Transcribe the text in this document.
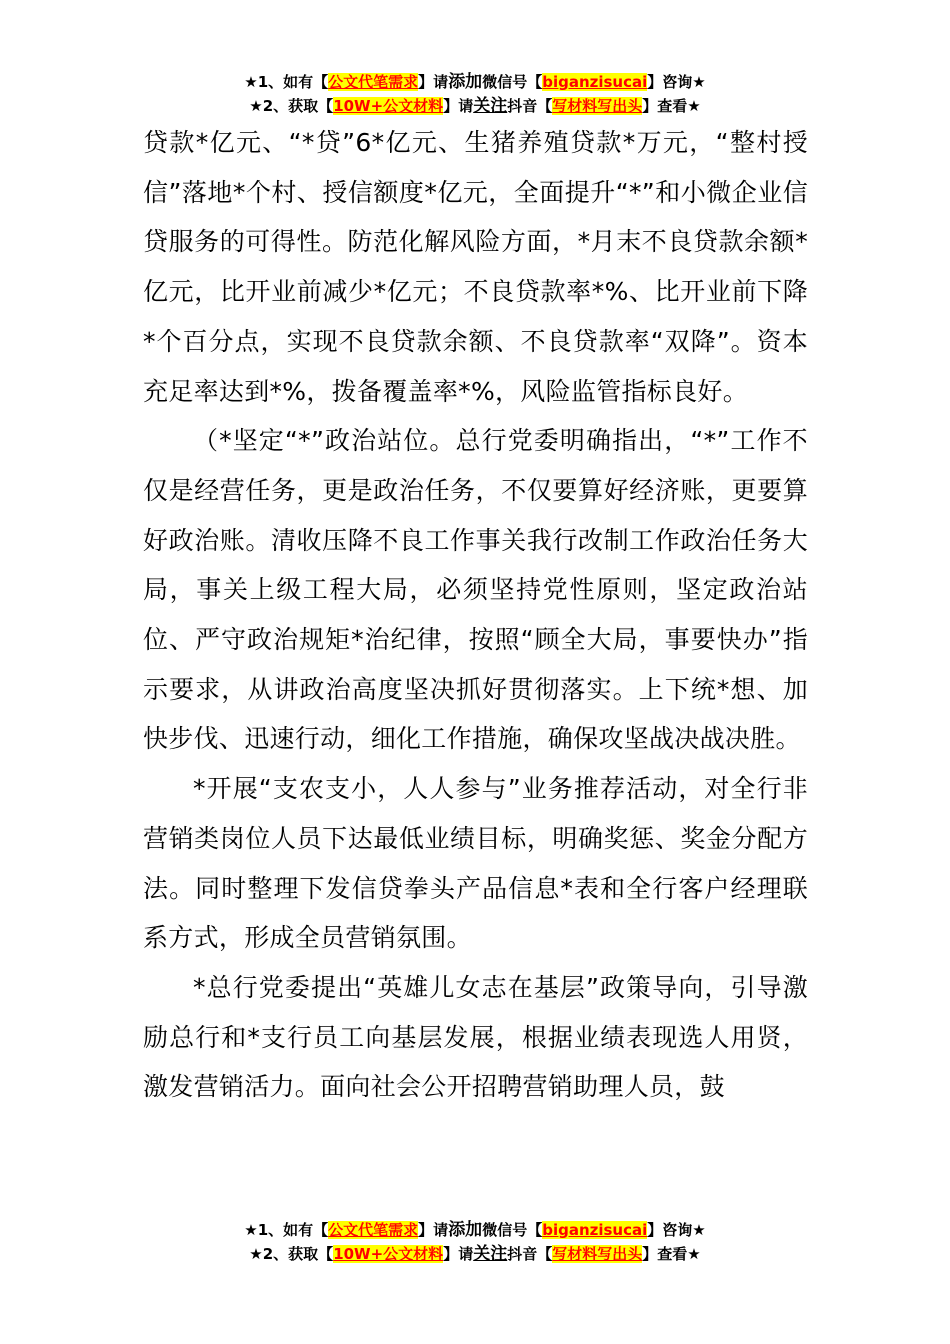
★1、如有【公文代笔需求】请添加微信号【biganzisucai】咨询★
★2、获取【10W+公文材料】请关注抖音【写材料写出头】查看★

贷款*亿元、“*贷”6*亿元、生猪养殖贷款*万元，“整村授信”落地*个村、授信额度*亿元，全面提升“*”和小微企业信贷服务的可得性。防范化解风险方面，*月末不良贷款余额*亿元，比开业前减少*亿元；不良贷款率*%、比开业前下降*个百分点，实现不良贷款余额、不良贷款率“双降”。资本充足率达到*%，拨备覆盖率*%，风险监管指标良好。

（*坚定“*”政治站位。总行党委明确指出，“*”工作不仅是经营任务，更是政治任务，不仅要算好经济账，更要算好政治账。清收压降不良工作事关我行改制工作政治任务大局，事关上级工程大局，必须坚持党性原则，坚定政治站位、严守政治规矩*治纪律，按照“顾全大局，事要快办”指示要求，从讲政治高度坚决抓好贯彻落实。上下统*想、加快步伐、迅速行动，细化工作措施，确保攻坚战决战决胜。

*开展“支农支小，人人参与”业务推荐活动，对全行非营销类岗位人员下达最低业绩目标，明确奖惩、奖金分配方法。同时整理下发信贷拳头产品信息*表和全行客户经理联系方式，形成全员营销氛围。

*总行党委提出“英雄儿女志在基层”政策导向，引导激励总行和*支行员工向基层发展，根据业绩表现选人用贤，激发营销活力。面向社会公开招聘营销助理人员，鼓

★1、如有【公文代笔需求】请添加微信号【biganzisucai】咨询★
★2、获取【10W+公文材料】请关注抖音【写材料写出头】查看★
